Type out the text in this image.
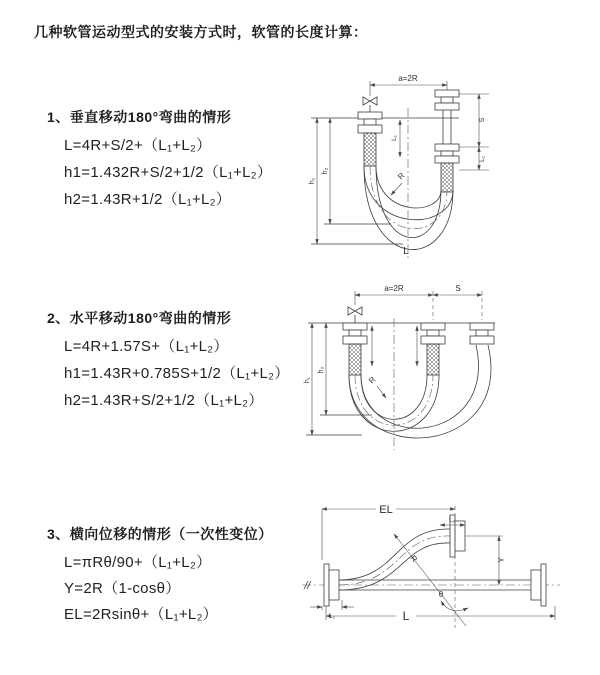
几种软管运动型式的安装方式时，软管的长度计算：
1、垂直移动180°弯曲的情形
L=4R+S/2+（L₁+L₂）
h1=1.432R+S/2+1/2（L₁+L₂）
h2=1.43R+1/2（L₁+L₂）
2、水平移动180°弯曲的情形
L=4R+1.57S+（L₁+L₂）
h1=1.43R+0.785S+1/2（L₁+L₂）
h2=1.43R+S/2+1/2（L₁+L₂）
3、横向位移的情形（一次性变位）
L=πRθ/90+（L₁+L₂）
Y=2R（1-cosθ）
EL=2Rsinθ+（L₁+L₂）
a=2R
h₁
h₂
S
L₁
L₁
R
L
a=2R	S
h₁
h₂
R
EL
L₁
Y
R
θ
L₁	L
